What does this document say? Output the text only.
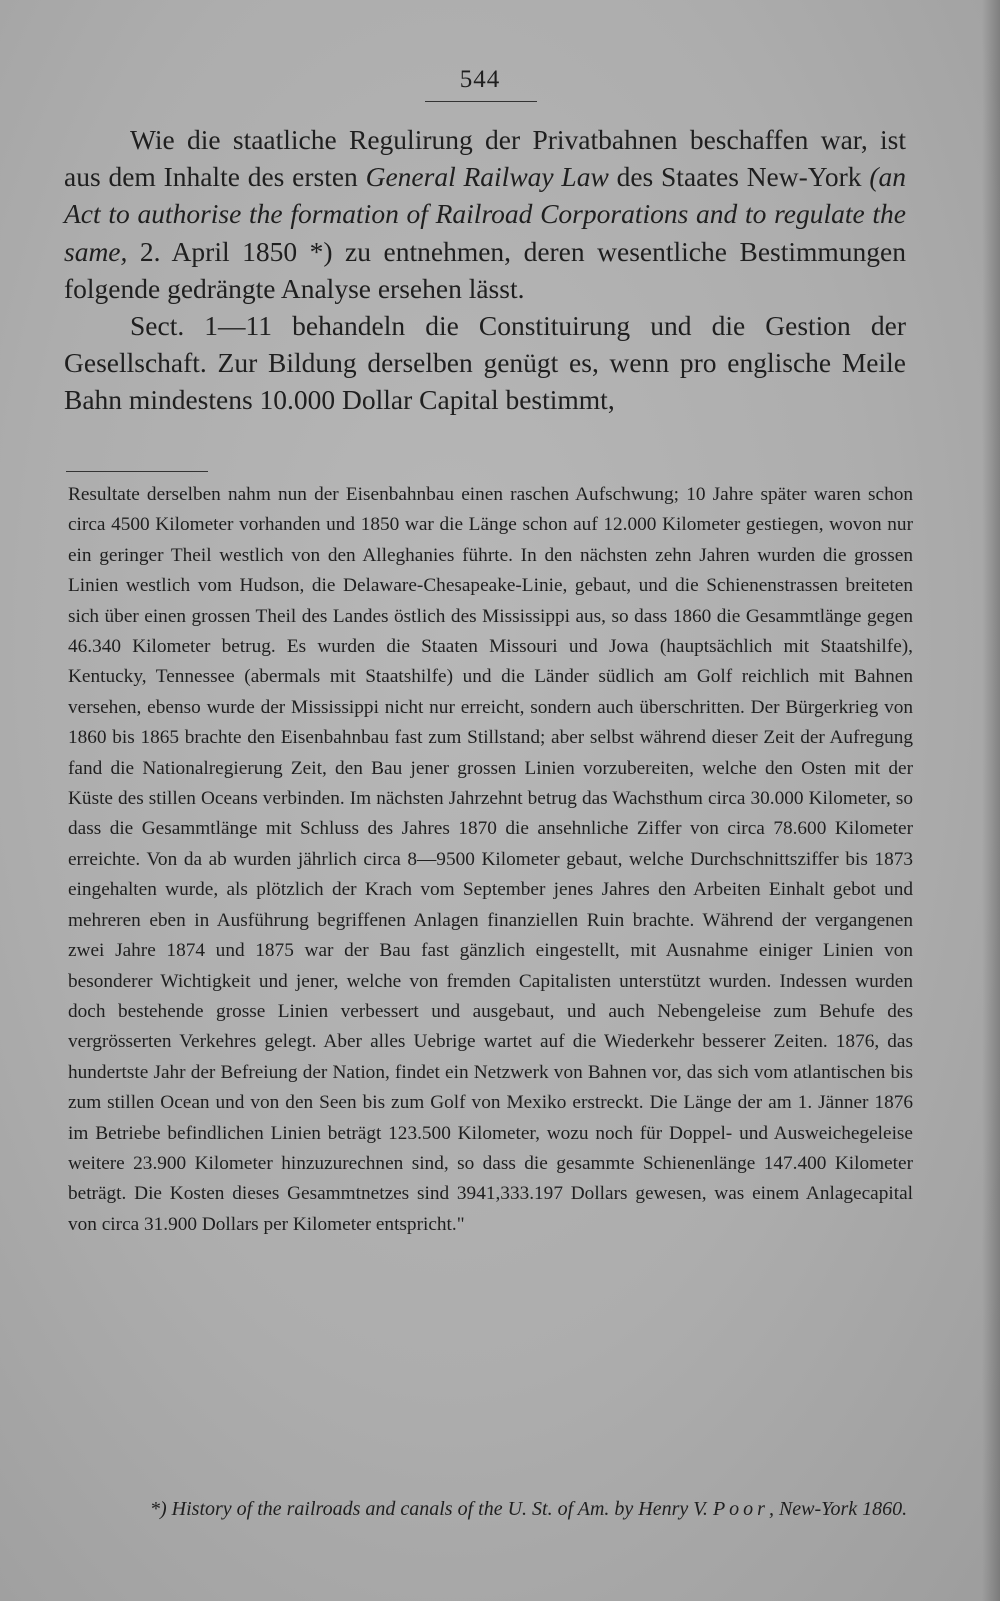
544

Wie die staatliche Regulirung der Privatbahnen beschaffen war, ist aus dem Inhalte des ersten General Railway Law des Staates New-York (an Act to authorise the formation of Railroad Corporations and to regulate the same, 2. April 1850 *) zu entnehmen, deren wesentliche Bestimmungen folgende gedrängte Analyse ersehen lässt.

Sect. 1—11 behandeln die Constituirung und die Gestion der Gesellschaft. Zur Bildung derselben genügt es, wenn pro englische Meile Bahn mindestens 10.000 Dollar Capital bestimmt,

Resultate derselben nahm nun der Eisenbahnbau einen raschen Aufschwung; 10 Jahre später waren schon circa 4500 Kilometer vorhanden und 1850 war die Länge schon auf 12.000 Kilometer gestiegen, wovon nur ein geringer Theil westlich von den Alleghanies führte. In den nächsten zehn Jahren wurden die grossen Linien westlich vom Hudson, die Delaware-Chesapeake-Linie, gebaut, und die Schienenstrassen breiteten sich über einen grossen Theil des Landes östlich des Mississippi aus, so dass 1860 die Gesammtlänge gegen 46.340 Kilometer betrug. Es wurden die Staaten Missouri und Jowa (hauptsächlich mit Staatshilfe), Kentucky, Tennessee (abermals mit Staatshilfe) und die Länder südlich am Golf reichlich mit Bahnen versehen, ebenso wurde der Mississippi nicht nur erreicht, sondern auch überschritten. Der Bürgerkrieg von 1860 bis 1865 brachte den Eisenbahnbau fast zum Stillstand; aber selbst während dieser Zeit der Aufregung fand die Nationalregierung Zeit, den Bau jener grossen Linien vorzubereiten, welche den Osten mit der Küste des stillen Oceans verbinden. Im nächsten Jahrzehnt betrug das Wachsthum circa 30.000 Kilometer, so dass die Gesammtlänge mit Schluss des Jahres 1870 die ansehnliche Ziffer von circa 78.600 Kilometer erreichte. Von da ab wurden jährlich circa 8—9500 Kilometer gebaut, welche Durchschnittsziffer bis 1873 eingehalten wurde, als plötzlich der Krach vom September jenes Jahres den Arbeiten Einhalt gebot und mehreren eben in Ausführung begriffenen Anlagen finanziellen Ruin brachte. Während der vergangenen zwei Jahre 1874 und 1875 war der Bau fast gänzlich eingestellt, mit Ausnahme einiger Linien von besonderer Wichtigkeit und jener, welche von fremden Capitalisten unterstützt wurden. Indessen wurden doch bestehende grosse Linien verbessert und ausgebaut, und auch Nebengeleise zum Behufe des vergrösserten Verkehres gelegt. Aber alles Uebrige wartet auf die Wiederkehr besserer Zeiten. 1876, das hundertste Jahr der Befreiung der Nation, findet ein Netzwerk von Bahnen vor, das sich vom atlantischen bis zum stillen Ocean und von den Seen bis zum Golf von Mexiko erstreckt. Die Länge der am 1. Jänner 1876 im Betriebe befindlichen Linien beträgt 123.500 Kilometer, wozu noch für Doppel- und Ausweichegeleise weitere 23.900 Kilometer hinzuzurechnen sind, so dass die gesammte Schienenlänge 147.400 Kilometer beträgt. Die Kosten dieses Gesammtnetzes sind 3941,333.197 Dollars gewesen, was einem Anlagecapital von circa 31.900 Dollars per Kilometer entspricht."

*) History of the railroads and canals of the U. St. of Am. by Henry V. Poor, New-York 1860.
